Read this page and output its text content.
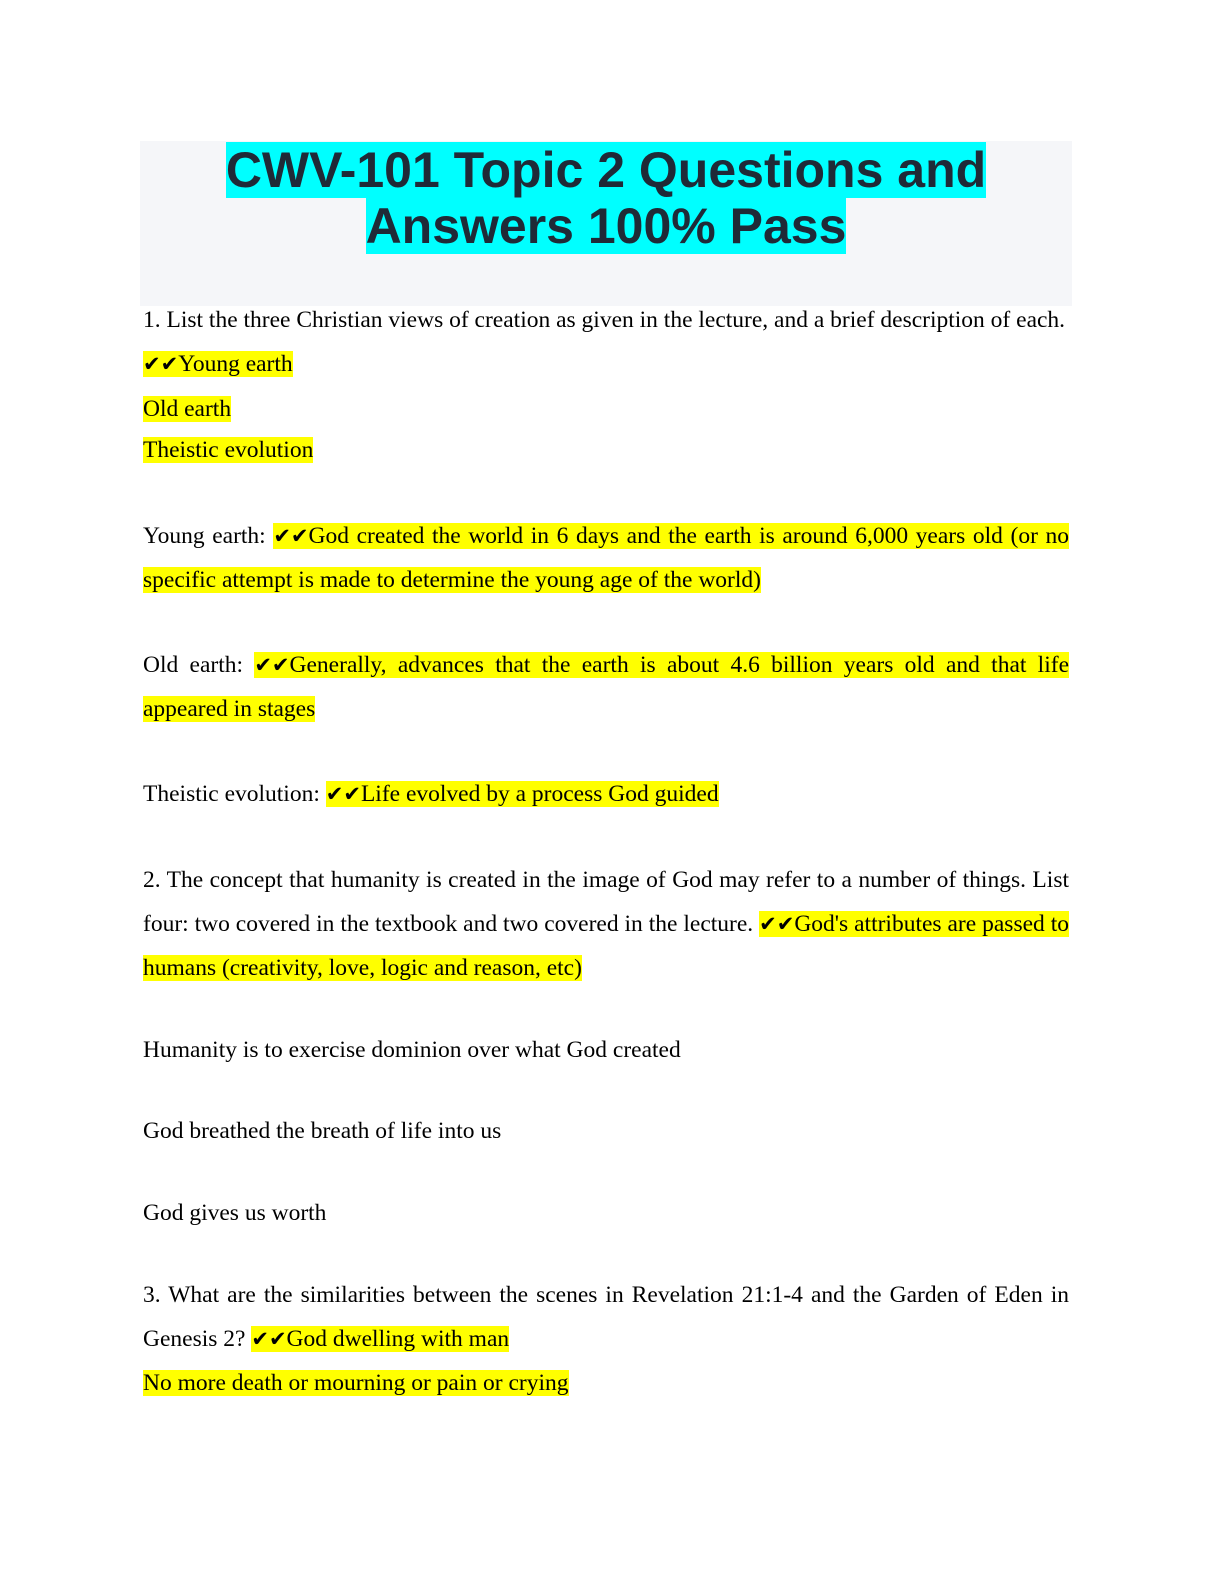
CWV-101 Topic 2 Questions and
Answers 100% Pass

1. List the three Christian views of creation as given in the lecture, and a brief description of each.

✔✔Young earth

Old earth

Theistic evolution

Young earth: ✔✔God created the world in 6 days and the earth is around 6,000 years old (or no specific attempt is made to determine the young age of the world)

Old earth: ✔✔Generally, advances that the earth is about 4.6 billion years old and that life appeared in stages

Theistic evolution: ✔✔Life evolved by a process God guided

2. The concept that humanity is created in the image of God may refer to a number of things. List four: two covered in the textbook and two covered in the lecture. ✔✔God's attributes are passed to humans (creativity, love, logic and reason, etc)

Humanity is to exercise dominion over what God created

God breathed the breath of life into us

God gives us worth

3. What are the similarities between the scenes in Revelation 21:1-4 and the Garden of Eden in Genesis 2? ✔✔God dwelling with man

No more death or mourning or pain or crying
